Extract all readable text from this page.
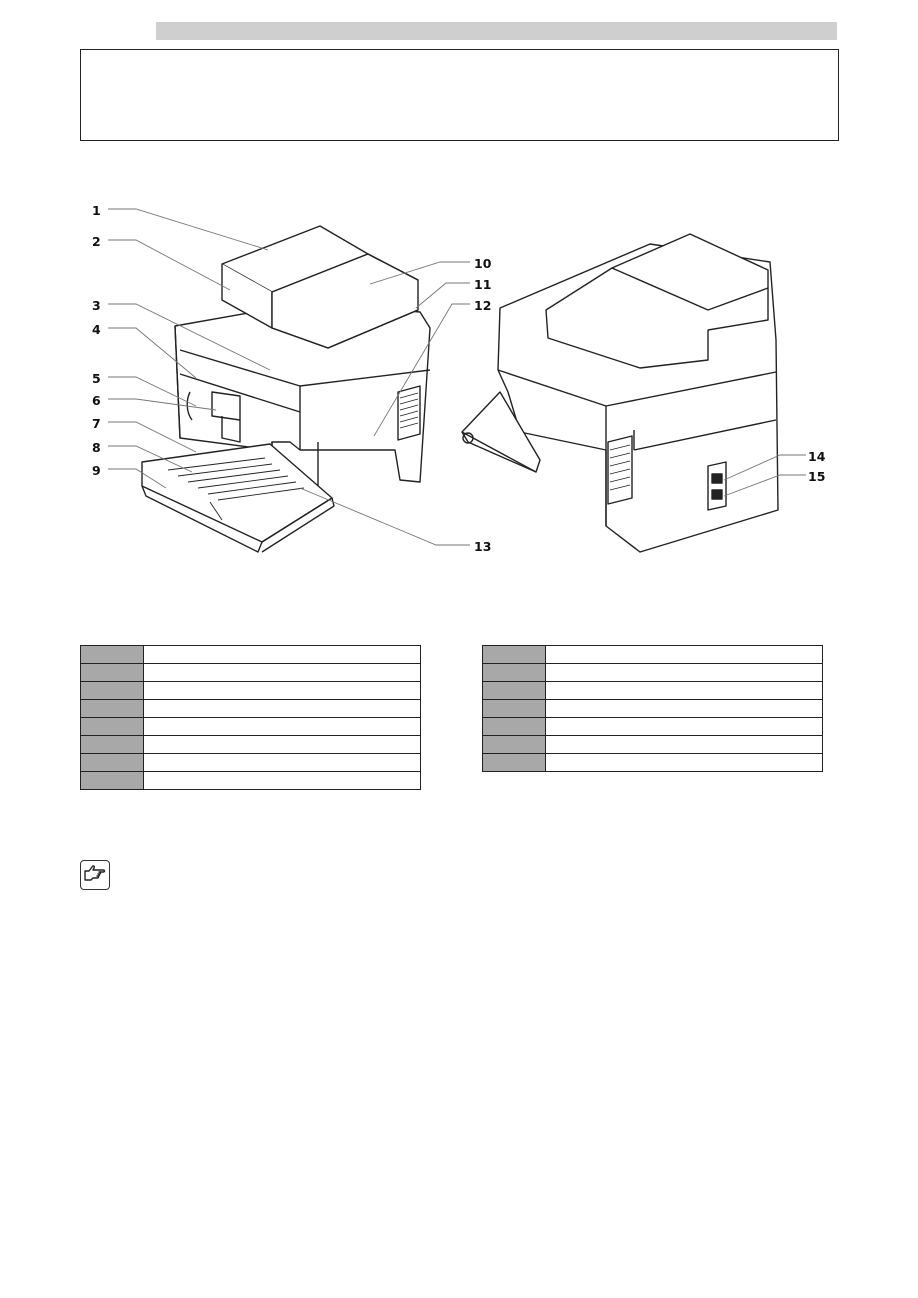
1
2
3
4
5
6
7
8
9
10
11
12
13
14
15
